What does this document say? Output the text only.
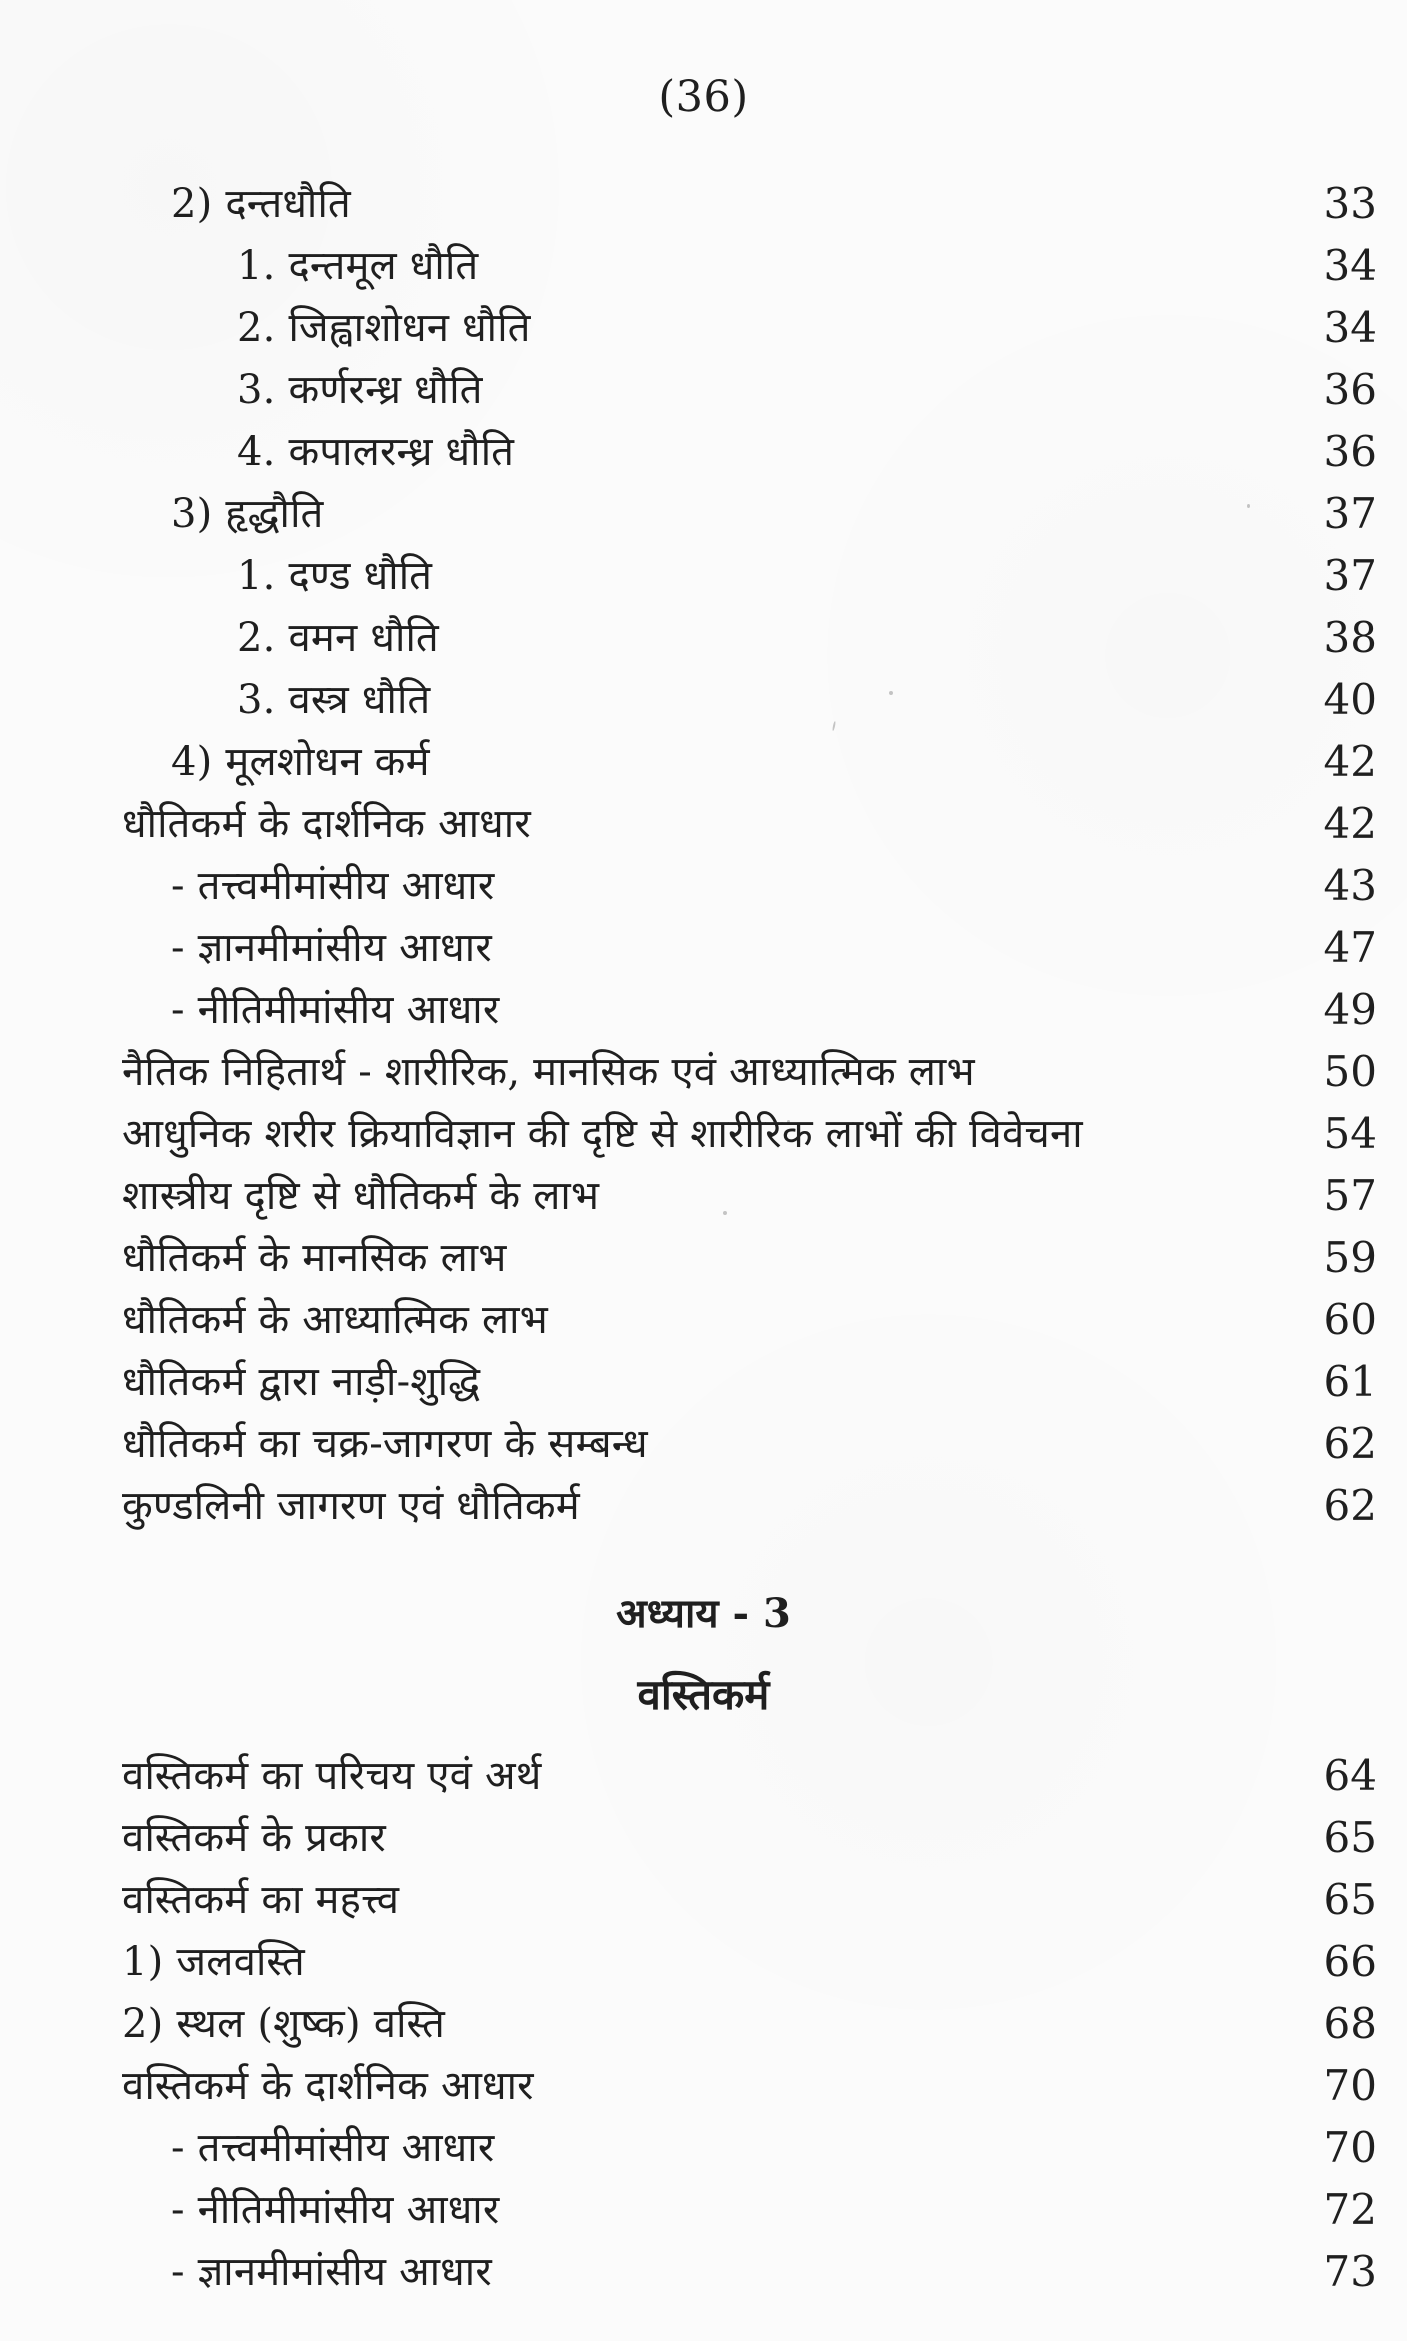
(36)
2) दन्तधौति	33
1. दन्तमूल धौति	34
2. जिह्वाशोधन धौति	34
3. कर्णरन्ध्र धौति	36
4. कपालरन्ध्र धौति	36
3) हृद्धौति	37
1. दण्ड धौति	37
2. वमन धौति	38
3. वस्त्र धौति	40
4) मूलशोधन कर्म	42
धौतिकर्म के दार्शनिक आधार	42
- तत्त्वमीमांसीय आधार	43
- ज्ञानमीमांसीय आधार	47
- नीतिमीमांसीय आधार	49
नैतिक निहितार्थ - शारीरिक, मानसिक एवं आध्यात्मिक लाभ	50
आधुनिक शरीर क्रियाविज्ञान की दृष्टि से शारीरिक लाभों की विवेचना	54
शास्त्रीय दृष्टि से धौतिकर्म के लाभ	57
धौतिकर्म के मानसिक लाभ	59
धौतिकर्म के आध्यात्मिक लाभ	60
धौतिकर्म द्वारा नाड़ी-शुद्धि	61
धौतिकर्म का चक्र-जागरण के सम्बन्ध	62
कुण्डलिनी जागरण एवं धौतिकर्म	62
अध्याय - 3
वस्तिकर्म
वस्तिकर्म का परिचय एवं अर्थ	64
वस्तिकर्म के प्रकार	65
वस्तिकर्म का महत्त्व	65
1) जलवस्ति	66
2) स्थल (शुष्क) वस्ति	68
वस्तिकर्म के दार्शनिक आधार	70
- तत्त्वमीमांसीय आधार	70
- नीतिमीमांसीय आधार	72
- ज्ञानमीमांसीय आधार	73
